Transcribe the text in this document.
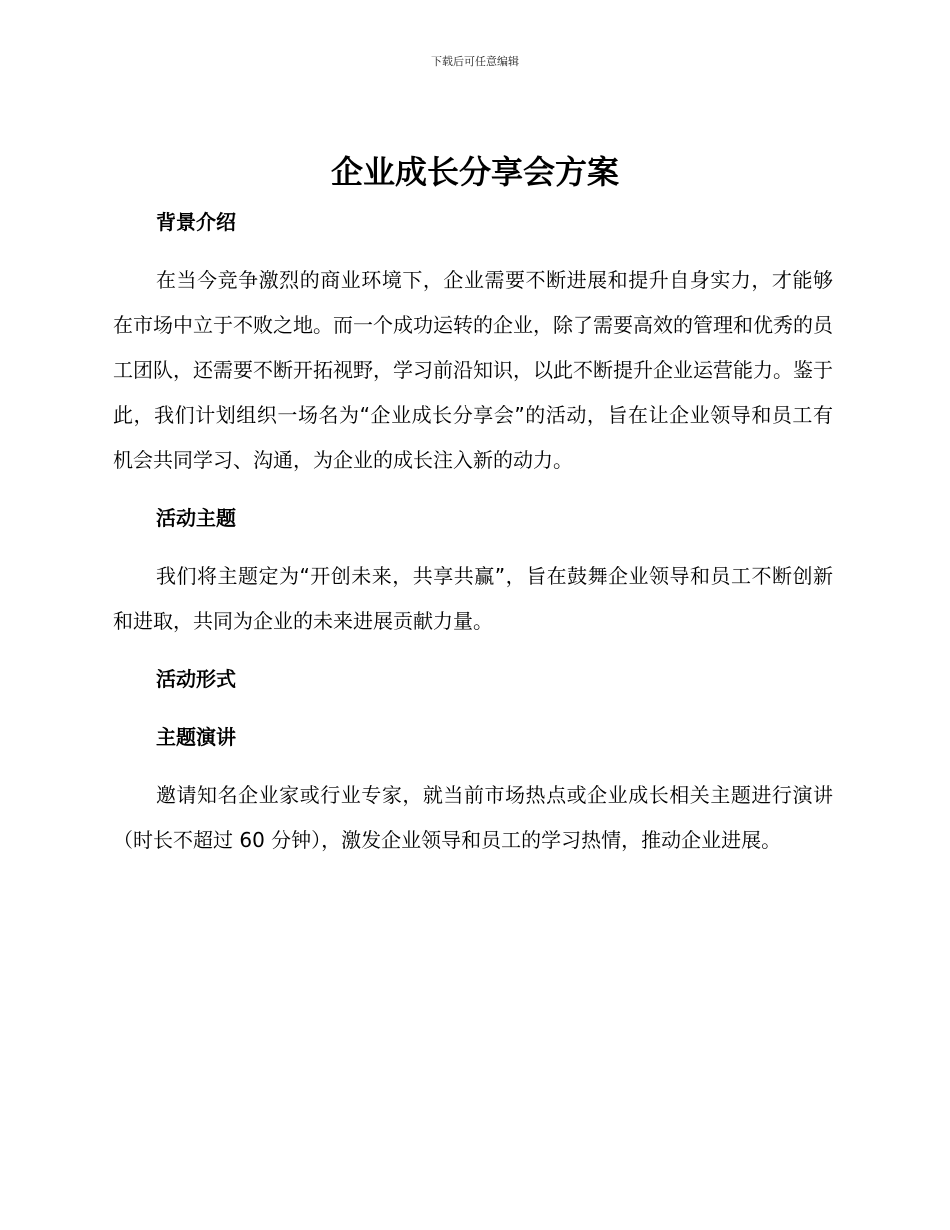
下载后可任意编辑
企业成长分享会方案
背景介绍

在当今竞争激烈的商业环境下，企业需要不断进展和提升自身实力，才能够在市场中立于不败之地。而一个成功运转的企业，除了需要高效的管理和优秀的员工团队，还需要不断开拓视野，学习前沿知识，以此不断提升企业运营能力。鉴于此，我们计划组织一场名为“企业成长分享会”的活动，旨在让企业领导和员工有机会共同学习、沟通，为企业的成长注入新的动力。

活动主题

我们将主题定为“开创未来，共享共赢”，旨在鼓舞企业领导和员工不断创新和进取，共同为企业的未来进展贡献力量。

活动形式
主题演讲

邀请知名企业家或行业专家，就当前市场热点或企业成长相关主题进行演讲（时长不超过 60 分钟），激发企业领导和员工的学习热情，推动企业进展。
